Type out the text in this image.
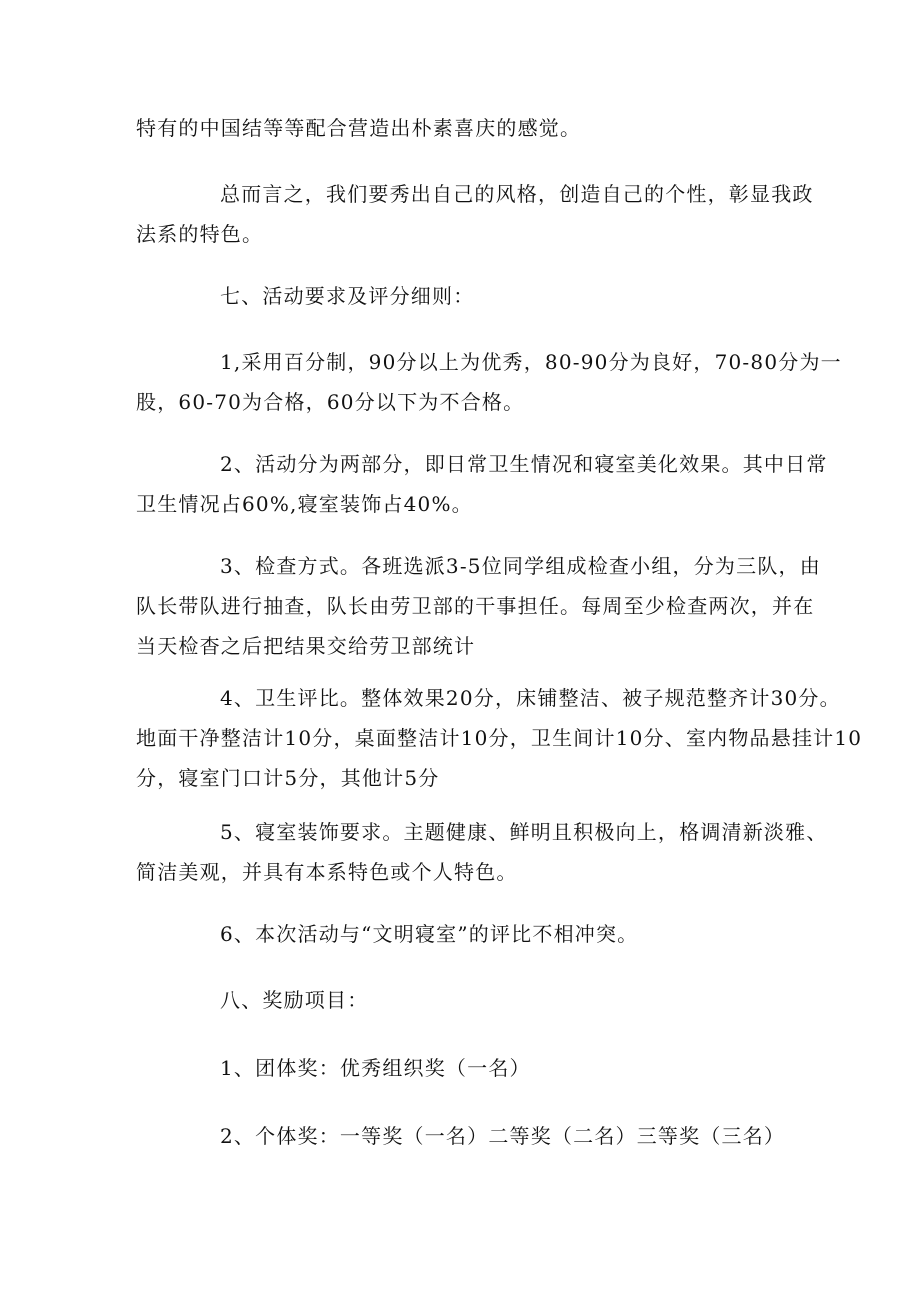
特有的中国结等等配合营造出朴素喜庆的感觉。

总而言之，我们要秀出自己的风格，创造自己的个性，彰显我政
法系的特色。

七、活动要求及评分细则：

1,采用百分制，90分以上为优秀，80-90分为良好，70-80分为一
股，60-70为合格，60分以下为不合格。

2、活动分为两部分，即日常卫生情况和寝室美化效果。其中日常
卫生情况占60%,寝室装饰占40%。

3、检查方式。各班选派3-5位同学组成检查小组，分为三队，由
队长带队进行抽查，队长由劳卫部的干事担任。每周至少检查两次，并在
当天检杳之后把结果交给劳卫部统计

4、卫生评比。整体效果20分，床铺整洁、被子规范整齐计30分。
地面干净整洁计10分，桌面整洁计10分，卫生间计10分、室内物品悬挂计10
分，寝室门口计5分，其他计5分

5、寝室装饰要求。主题健康、鲜明且积极向上，格调清新淡雅、
简洁美观，并具有本系特色或个人特色。

6、本次活动与“文明寝室”的评比不相冲突。

八、奖励项目：

1、团体奖：优秀组织奖（一名）

2、个体奖：一等奖（一名）二等奖（二名）三等奖（三名）
